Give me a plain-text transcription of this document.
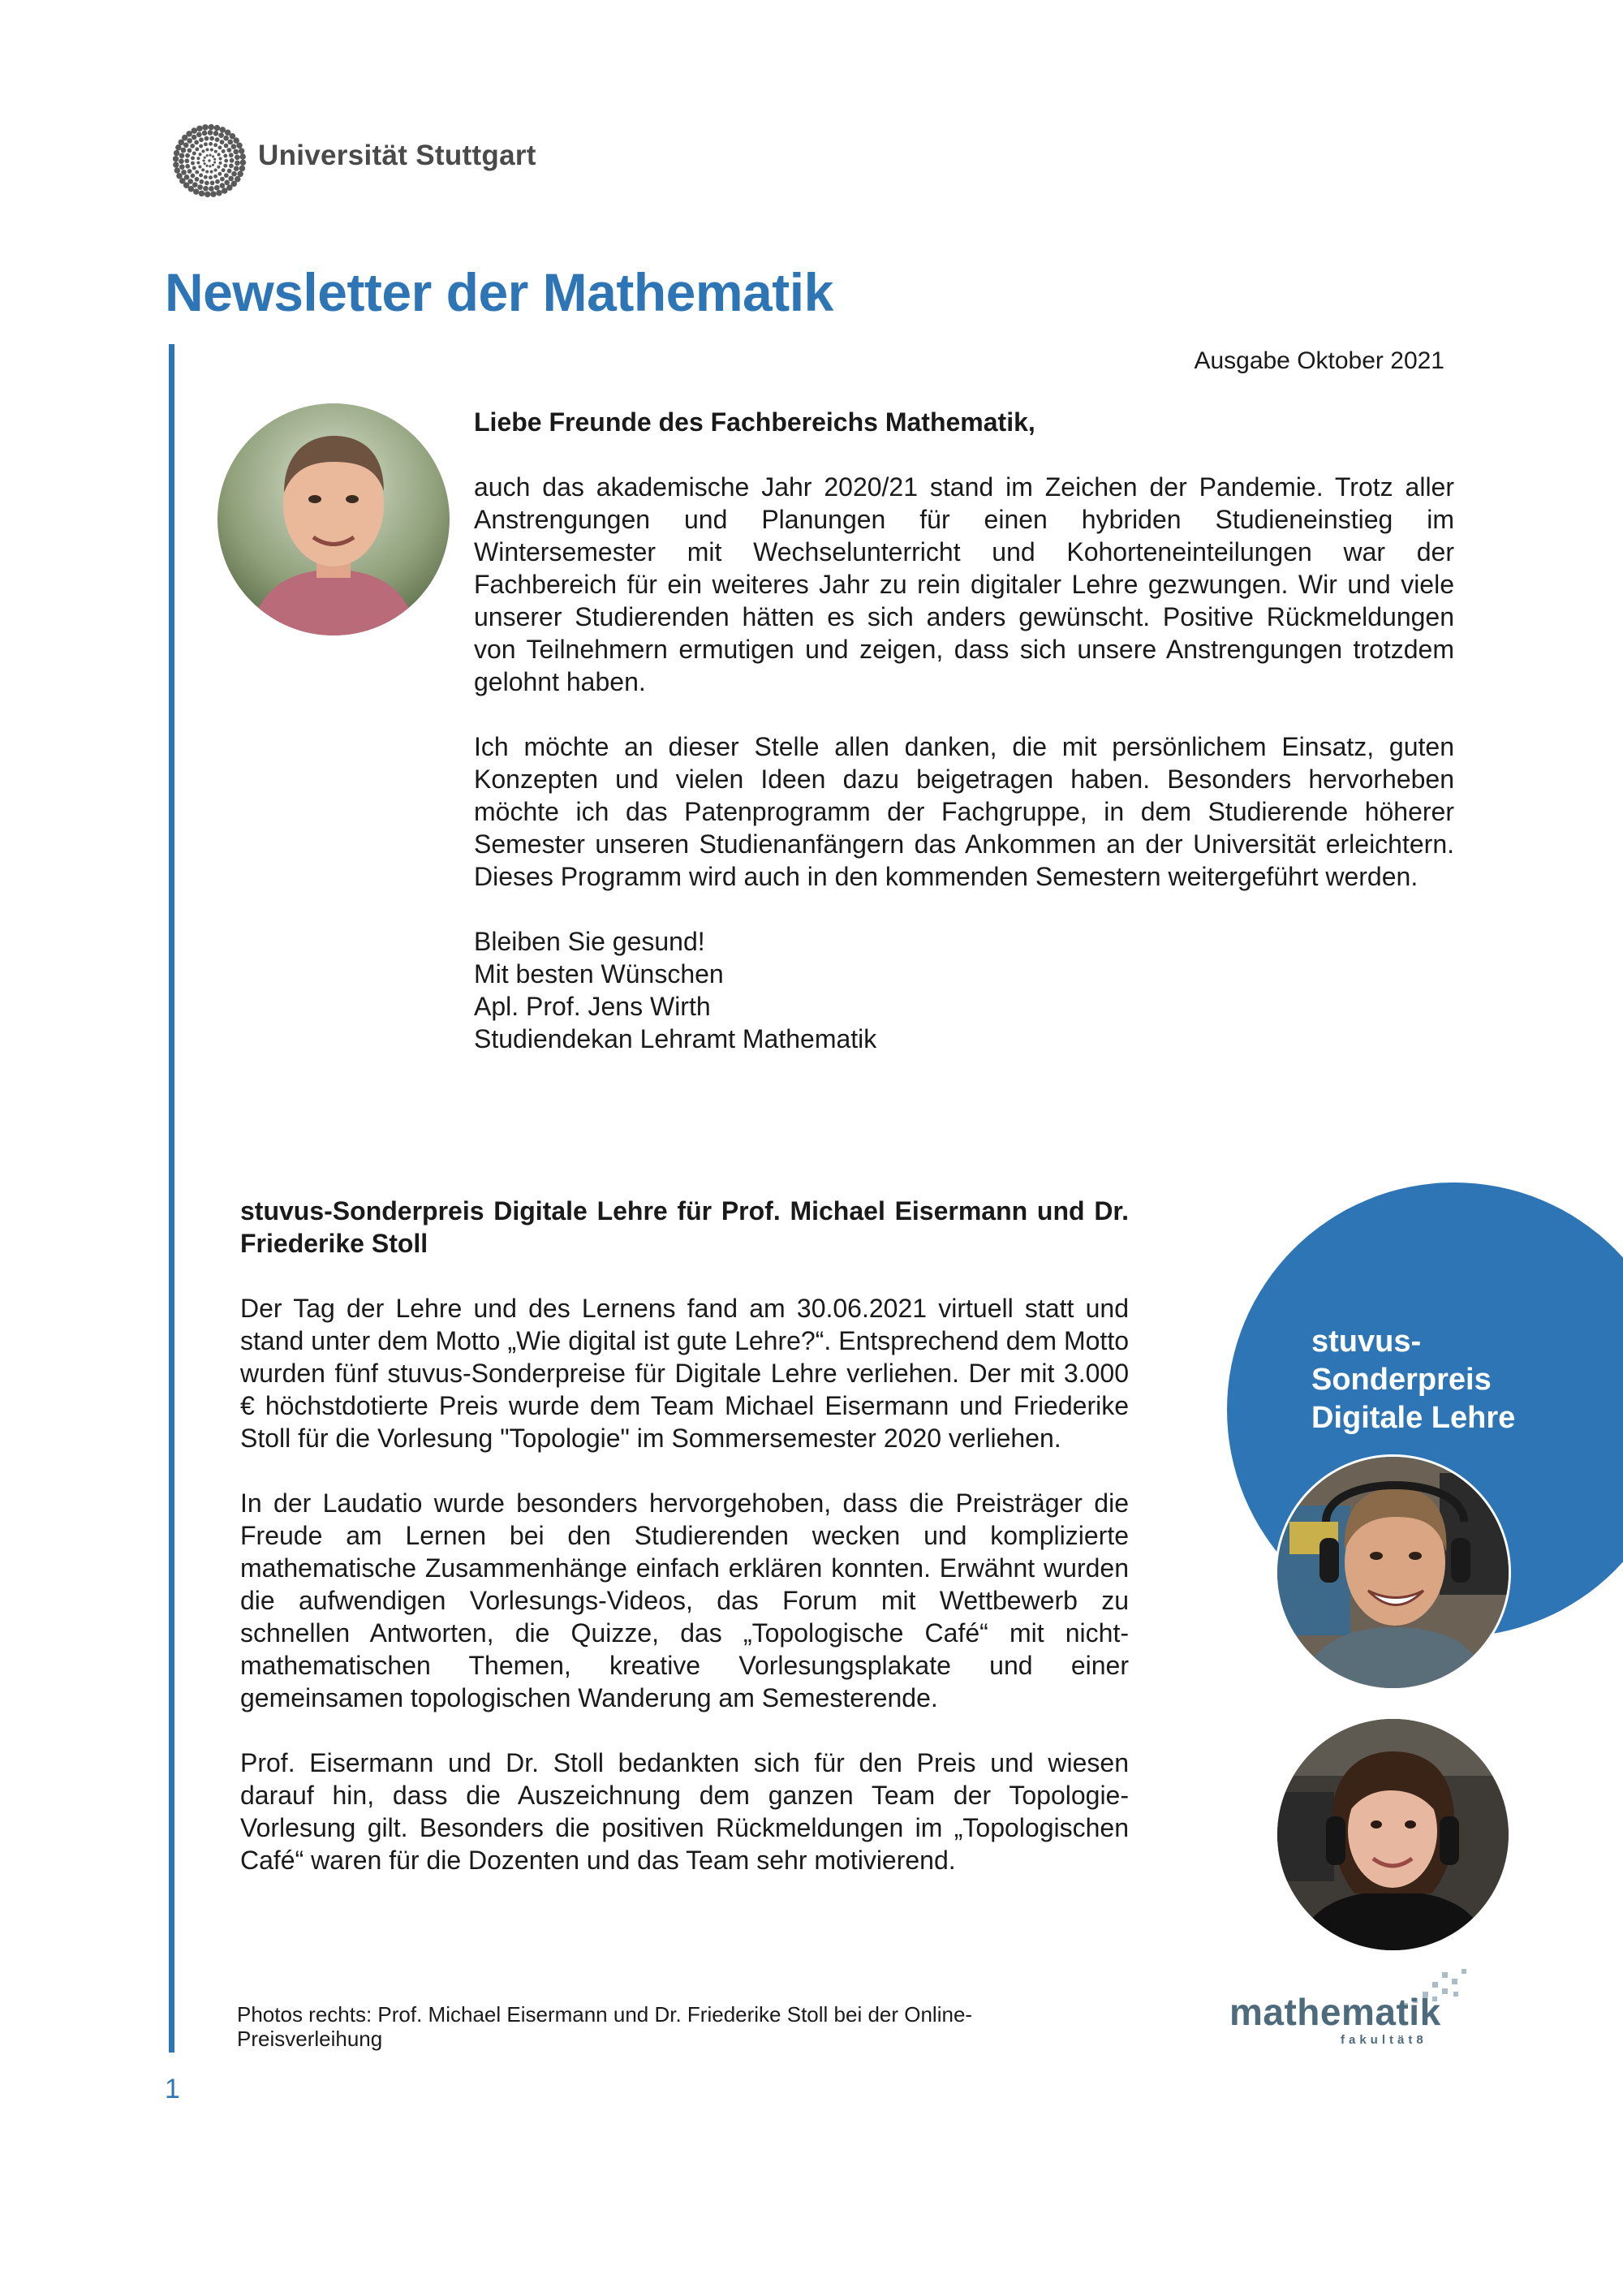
Universität Stuttgart
Newsletter der Mathematik
Ausgabe Oktober 2021

Liebe Freunde des Fachbereichs Mathematik,

auch das akademische Jahr 2020/21 stand im Zeichen der Pandemie. Trotz aller Anstrengungen und Planungen für einen hybriden Studieneinstieg im Wintersemester mit Wechselunterricht und Kohorteneinteilungen war der Fachbereich für ein weiteres Jahr zu rein digitaler Lehre gezwungen. Wir und viele unserer Studierenden hätten es sich anders gewünscht. Positive Rückmeldungen von Teilnehmern ermutigen und zeigen, dass sich unsere Anstrengungen trotzdem gelohnt haben.

Ich möchte an dieser Stelle allen danken, die mit persönlichem Einsatz, guten Konzepten und vielen Ideen dazu beigetragen haben. Besonders hervorheben möchte ich das Patenprogramm der Fachgruppe, in dem Studierende höherer Semester unseren Studienanfängern das Ankommen an der Universität erleichtern. Dieses Programm wird auch in den kommenden Semestern weitergeführt werden.

Bleiben Sie gesund!

Mit besten Wünschen

Apl. Prof. Jens Wirth

Studiendekan Lehramt Mathematik

stuvus-Sonderpreis Digitale Lehre für Prof. Michael Eisermann und Dr. Friederike Stoll

Der Tag der Lehre und des Lernens fand am 30.06.2021 virtuell statt und stand unter dem Motto „Wie digital ist gute Lehre?“. Entsprechend dem Motto wurden fünf stuvus-Sonderpreise für Digitale Lehre verliehen. Der mit 3.000 € höchstdotierte Preis wurde dem Team Michael Eisermann und Friederike Stoll für die Vorlesung "Topologie" im Sommersemester 2020 verliehen.

In der Laudatio wurde besonders hervorgehoben, dass die Preisträger die Freude am Lernen bei den Studierenden wecken und komplizierte mathematische Zusammenhänge einfach erklären konnten. Erwähnt wurden die aufwendigen Vorlesungs-Videos, das Forum mit Wettbewerb zu schnellen Antworten, die Quizze, das „Topologische Café“ mit nicht-mathematischen Themen, kreative Vorlesungsplakate und einer gemeinsamen topologischen Wanderung am Semesterende.

Prof. Eisermann und Dr. Stoll bedankten sich für den Preis und wiesen darauf hin, dass die Auszeichnung dem ganzen Team der Topologie-Vorlesung gilt. Besonders die positiven Rückmeldungen im „Topologischen Café“ waren für die Dozenten und das Team sehr motivierend.

Photos rechts: Prof. Michael Eisermann und Dr. Friederike Stoll bei der Online-Preisverleihung
1
stuvus-Sonderpreis Digitale Lehre
mathematik
fakultät8
